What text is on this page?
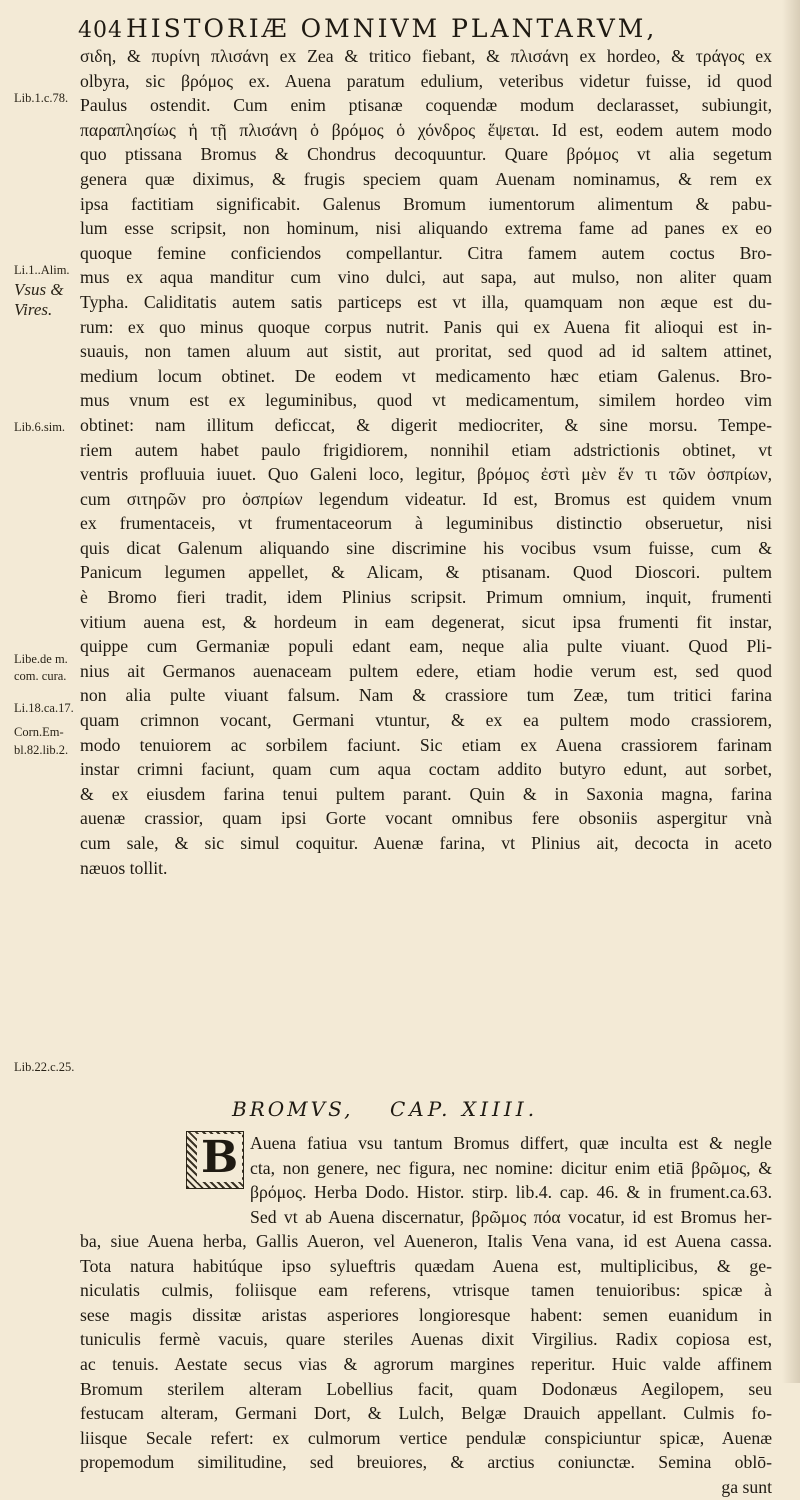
404 HISTORIÆ OMNIVM PLANTARVM,
Lib.1.c.78.
Li.1..Alim.
Vsus & Vires.
Lib.6.sim.
Libe.de m.
com. cura.
Li.18.ca.17.
Corn.Em-
bl.82.lib.2.
Lib.22.c.25.
σιδη, & πυρίνη πλισάνη ex Zea & tritico fiebant, & πλισάνη ex hordeo, & τράγος ex
olbyra, sic βρόμος ex. Auena paratum edulium, veteribus videtur fuisse, id quod
Paulus ostendit. Cum enim ptisanæ coquendæ modum declarasset, subiungit,
παραπλησίως ἡ τῇ πλισάνη ὁ βρόμος ὁ χόνδρος ἕψεται. Id est, eodem autem modo
quo ptissana Bromus & Chondrus decoquuntur. Quare βρόμος vt alia segetum
genera quæ diximus, & frugis speciem quam Auenam nominamus, & rem ex
ipsa factitiam significabit. Galenus Bromum iumentorum alimentum & pabu-
lum esse scripsit, non hominum, nisi aliquando extrema fame ad panes ex eo
quoque femine conficiendos compellantur. Citra famem autem coctus Bro-
mus ex aqua manditur cum vino dulci, aut sapa, aut mulso, non aliter quam
Typha. Caliditatis autem satis particeps est vt illa, quamquam non æque est du-
rum: ex quo minus quoque corpus nutrit. Panis qui ex Auena fit alioqui est in-
suauis, non tamen aluum aut sistit, aut proritat, sed quod ad id saltem attinet,
medium locum obtinet. De eodem vt medicamento hæc etiam Galenus. Bro-
mus vnum est ex leguminibus, quod vt medicamentum, similem hordeo vim
obtinet: nam illitum deficcat, & digerit mediocriter, & sine morsu. Tempe-
riem autem habet paulo frigidiorem, nonnihil etiam adstrictionis obtinet, vt
ventris profluuia iuuet. Quo Galeni loco, legitur, βρόμος ἐστὶ μὲν ἕν τι τῶν ὀσπρίων,
cum σιτηρῶν pro ὀσπρίων legendum videatur. Id est, Bromus est quidem vnum
ex frumentaceis, vt frumentaceorum à leguminibus distinctio obseruetur, nisi
quis dicat Galenum aliquando sine discrimine his vocibus vsum fuisse, cum &
Panicum legumen appellet, & Alicam, & ptisanam. Quod Dioscori. pultem
è Bromo fieri tradit, idem Plinius scripsit. Primum omnium, inquit, frumenti
vitium auena est, & hordeum in eam degenerat, sicut ipsa frumenti fit instar,
quippe cum Germaniæ populi edant eam, neque alia pulte viuant. Quod Pli-
nius ait Germanos auenaceam pultem edere, etiam hodie verum est, sed quod
non alia pulte viuant falsum. Nam & crassiore tum Zeæ, tum tritici farina
quam crimnon vocant, Germani vtuntur, & ex ea pultem modo crassiorem,
modo tenuiorem ac sorbilem faciunt. Sic etiam ex Auena crassiorem farinam
instar crimni faciunt, quam cum aqua coctam addito butyro edunt, aut sorbet,
& ex eiusdem farina tenui pultem parant. Quin & in Saxonia magna, farina
auenæ crassior, quam ipsi Gorte vocant omnibus fere obsoniis aspergitur vnà
cum sale, & sic simul coquitur. Auenæ farina, vt Plinius ait, decocta in aceto
næuos tollit.
BROMVS, CAP. XIIII.
B Auena fatiua vsu tantum Bromus differt, quæ inculta est & negle
cta, non genere, nec figura, nec nomine: dicitur enim etiā βρῶμος, &
βρόμος. Herba Dodo. Histor. stirp. lib.4. cap. 46. & in frument.ca.63.
Sed vt ab Auena discernatur, βρῶμος πόα vocatur, id est Bromus her-
ba, siue Auena herba, Gallis Aueron, vel Aueneron, Italis Vena vana, id est Auena cassa.
Tota natura habitúque ipso sylueftris quædam Auena est, multiplicibus, & ge-
niculatis culmis, foliisque eam referens, vtrisque tamen tenuioribus: spicæ à
sese magis dissitæ aristas asperiores longioresque habent: semen euanidum in
tuniculis fermè vacuis, quare steriles Auenas dixit Virgilius. Radix copiosa est,
ac tenuis. Aestate secus vias & agrorum margines reperitur. Huic valde affinem
Bromum sterilem alteram Lobellius facit, quam Dodonæus Aegilopem, seu
festucam alteram, Germani Dort, & Lulch, Belgæ Drauich appellant. Culmis fo-
liisque Secale refert: ex culmorum vertice pendulæ conspiciuntur spicæ, Auenæ
propemodum similitudine, sed breuiores, & arctius coniunctæ. Semina oblō-
ga sunt
